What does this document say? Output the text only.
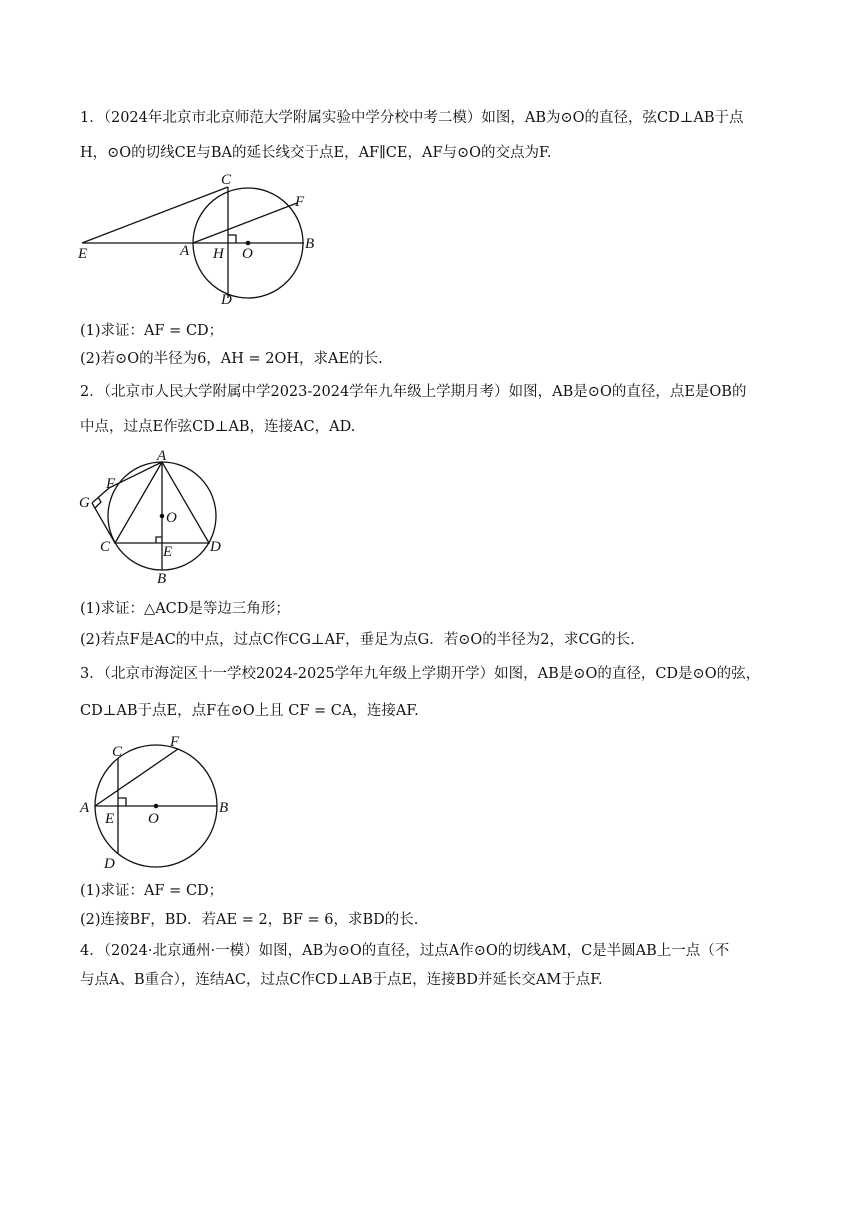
1．（2024年北京市北京师范大学附属实验中学分校中考二模）如图，AB为⊙O的直径，弦CD⊥AB于点
H，⊙O的切线CE与BA的延长线交于点E，AF∥CE，AF与⊙O的交点为F.
C
F
E	A H O
B
D
(1)求证：AF = CD；
(2)若⊙O的半径为6，AH = 2OH，求AE的长.
2．（北京市人民大学附属中学2023-2024学年九年级上学期月考）如图，AB是⊙O的直径，点E是OB的
中点，过点E作弦CD⊥AB，连接AC，AD.
A
F
G
O
C	E	D
B
(1)求证：△ACD是等边三角形；
(2)若点F是AC的中点，过点C作CG⊥AF，垂足为点G．若⊙O的半径为2，求CG的长.
3．（北京市海淀区十一学校2024-2025学年九年级上学期开学）如图，AB是⊙O的直径，CD是⊙O的弦，
CD⊥AB于点E，点F在⊙O上且 CF = CA，连接AF.
C
F
A
E O
B
D
(1)求证：AF = CD；
(2)连接BF，BD．若AE = 2，BF = 6，求BD的长.
4．（2024·北京通州·一模）如图，AB为⊙O的直径，过点A作⊙O的切线AM，C是半圆AB上一点（不
与点A、B重合），连结AC，过点C作CD⊥AB于点E，连接BD并延长交AM于点F.
